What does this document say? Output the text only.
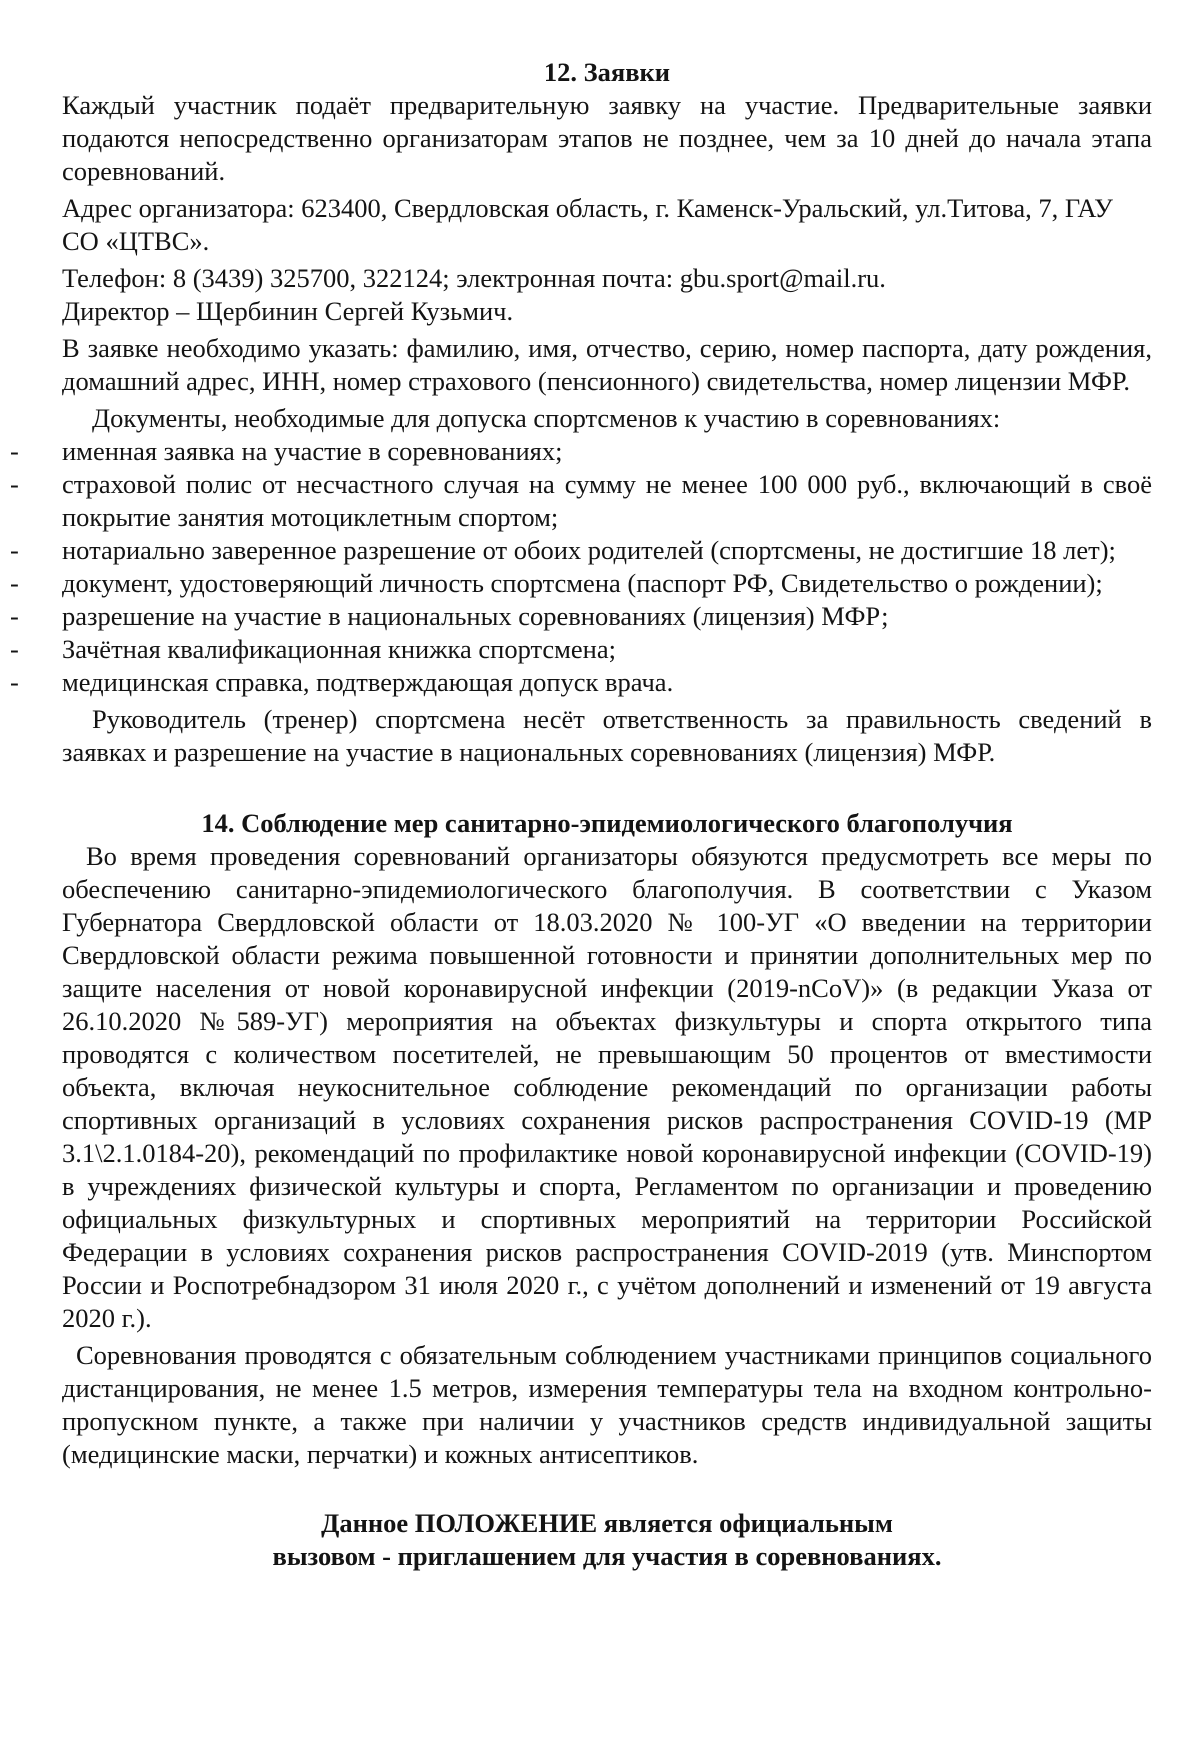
12. Заявки

Каждый участник подаёт предварительную заявку на участие. Предварительные заявки подаются непосредственно организаторам этапов не позднее, чем за 10 дней до начала этапа соревнований.

Адрес организатора: 623400, Свердловская область, г. Каменск-Уральский, ул.Титова, 7, ГАУ СО «ЦТВС».

Телефон: 8 (3439) 325700, 322124; электронная почта: gbu.sport@mail.ru.

Директор – Щербинин Сергей Кузьмич.

В заявке необходимо указать: фамилию, имя, отчество, серию, номер паспорта, дату рождения, домашний адрес, ИНН, номер страхового (пенсионного) свидетельства, номер лицензии МФР.

Документы, необходимые для допуска спортсменов к участию в соревнованиях:

- именная заявка на участие в соревнованиях;
- страховой полис от несчастного случая на сумму не менее 100 000 руб., включающий в своё покрытие занятия мотоциклетным спортом;
- нотариально заверенное разрешение от обоих родителей (спортсмены, не достигшие 18 лет);
- документ, удостоверяющий личность спортсмена (паспорт РФ, Свидетельство о рождении);
- разрешение на участие в национальных соревнованиях (лицензия) МФР;
- Зачётная квалификационная книжка спортсмена;
- медицинская справка, подтверждающая допуск врача.

Руководитель (тренер) спортсмена несёт ответственность за правильность сведений в заявках и разрешение на участие в национальных соревнованиях (лицензия) МФР.

14. Соблюдение мер санитарно-эпидемиологического благополучия

Во время проведения соревнований организаторы обязуются предусмотреть все меры по обеспечению санитарно-эпидемиологического благополучия. В соответствии с Указом Губернатора Свердловской области от 18.03.2020 № 100-УГ «О введении на территории Свердловской области режима повышенной готовности и принятии дополнительных мер по защите населения от новой коронавирусной инфекции (2019-nCoV)» (в редакции Указа от 26.10.2020 №589-УГ) мероприятия на объектах физкультуры и спорта открытого типа проводятся с количеством посетителей, не превышающим 50 процентов от вместимости объекта, включая неукоснительное соблюдение рекомендаций по организации работы спортивных организаций в условиях сохранения рисков распространения COVID-19 (МР 3.1\2.1.0184-20), рекомендаций по профилактике новой коронавирусной инфекции (COVID-19) в учреждениях физической культуры и спорта, Регламентом по организации и проведению официальных физкультурных и спортивных мероприятий на территории Российской Федерации в условиях сохранения рисков распространения COVID-2019 (утв. Минспортом России и Роспотребнадзором 31 июля 2020 г., с учётом дополнений и изменений от 19 августа 2020 г.).

Соревнования проводятся с обязательным соблюдением участниками принципов социального дистанцирования, не менее 1.5 метров, измерения температуры тела на входном контрольно-пропускном пункте, а также при наличии у участников средств индивидуальной защиты (медицинские маски, перчатки) и кожных антисептиков.

Данное ПОЛОЖЕНИЕ является официальным
вызовом - приглашением для участия в соревнованиях.
